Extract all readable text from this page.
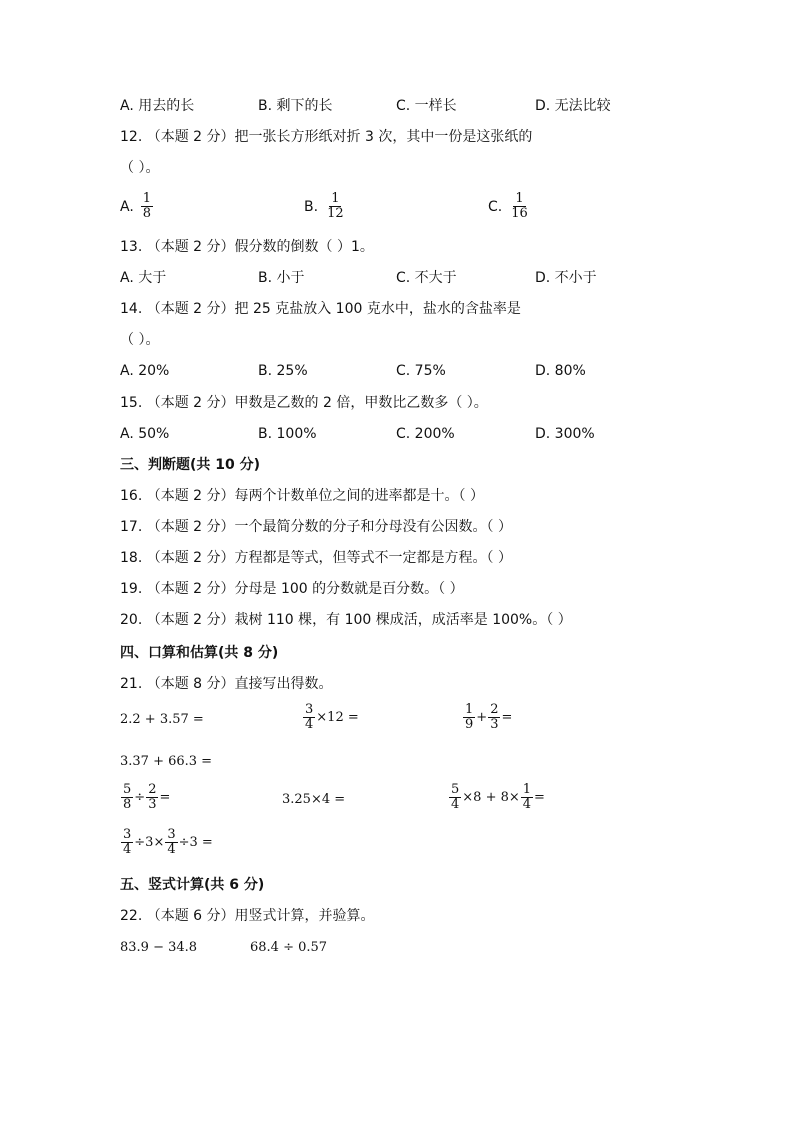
A. 用去的长	B. 剩下的长	C. 一样长	D. 无法比较
12. （本题 2 分）把一张长方形纸对折 3 次，其中一份是这张纸的
（ ）。
A. $\frac{1}{8}$	B. $\frac{1}{12}$	C. $\frac{1}{16}$
13. （本题 2 分）假分数的倒数（ ）1。
A. 大于	B. 小于	C. 不大于	D. 不小于
14. （本题 2 分）把 25 克盐放入 100 克水中，盐水的含盐率是
（ ）。
A. 20%	B. 25%	C. 75%	D. 80%
15. （本题 2 分）甲数是乙数的 2 倍，甲数比乙数多（ ）。
A. 50%	B. 100%	C. 200%	D. 300%
三、判断题(共 10 分)
16. （本题 2 分）每两个计数单位之间的进率都是十。（ ）
17. （本题 2 分）一个最简分数的分子和分母没有公因数。（ ）
18. （本题 2 分）方程都是等式，但等式不一定都是方程。（ ）
19. （本题 2 分）分母是 100 的分数就是百分数。（ ）
20. （本题 2 分）栽树 110 棵，有 100 棵成活，成活率是 100%。（ ）
四、口算和估算(共 8 分)
21. （本题 8 分）直接写出得数。
2.2 + 3.57 =	$\frac{3}{4} \times 12$ =	$\frac{1}{9} + \frac{2}{3}$ =
3.37 + 66.3 =
$\frac{5}{8} \div \frac{2}{3}$ =	3.25×4 =	$\frac{5}{4} \times 8 + 8\times \frac{1}{4}$ =
$\frac{3}{4} \div 3\times \frac{3}{4} \div 3$ =
五、竖式计算(共 6 分)
22. （本题 6 分）用竖式计算，并验算。
83.9 − 34.8	68.4 ÷ 0.57
